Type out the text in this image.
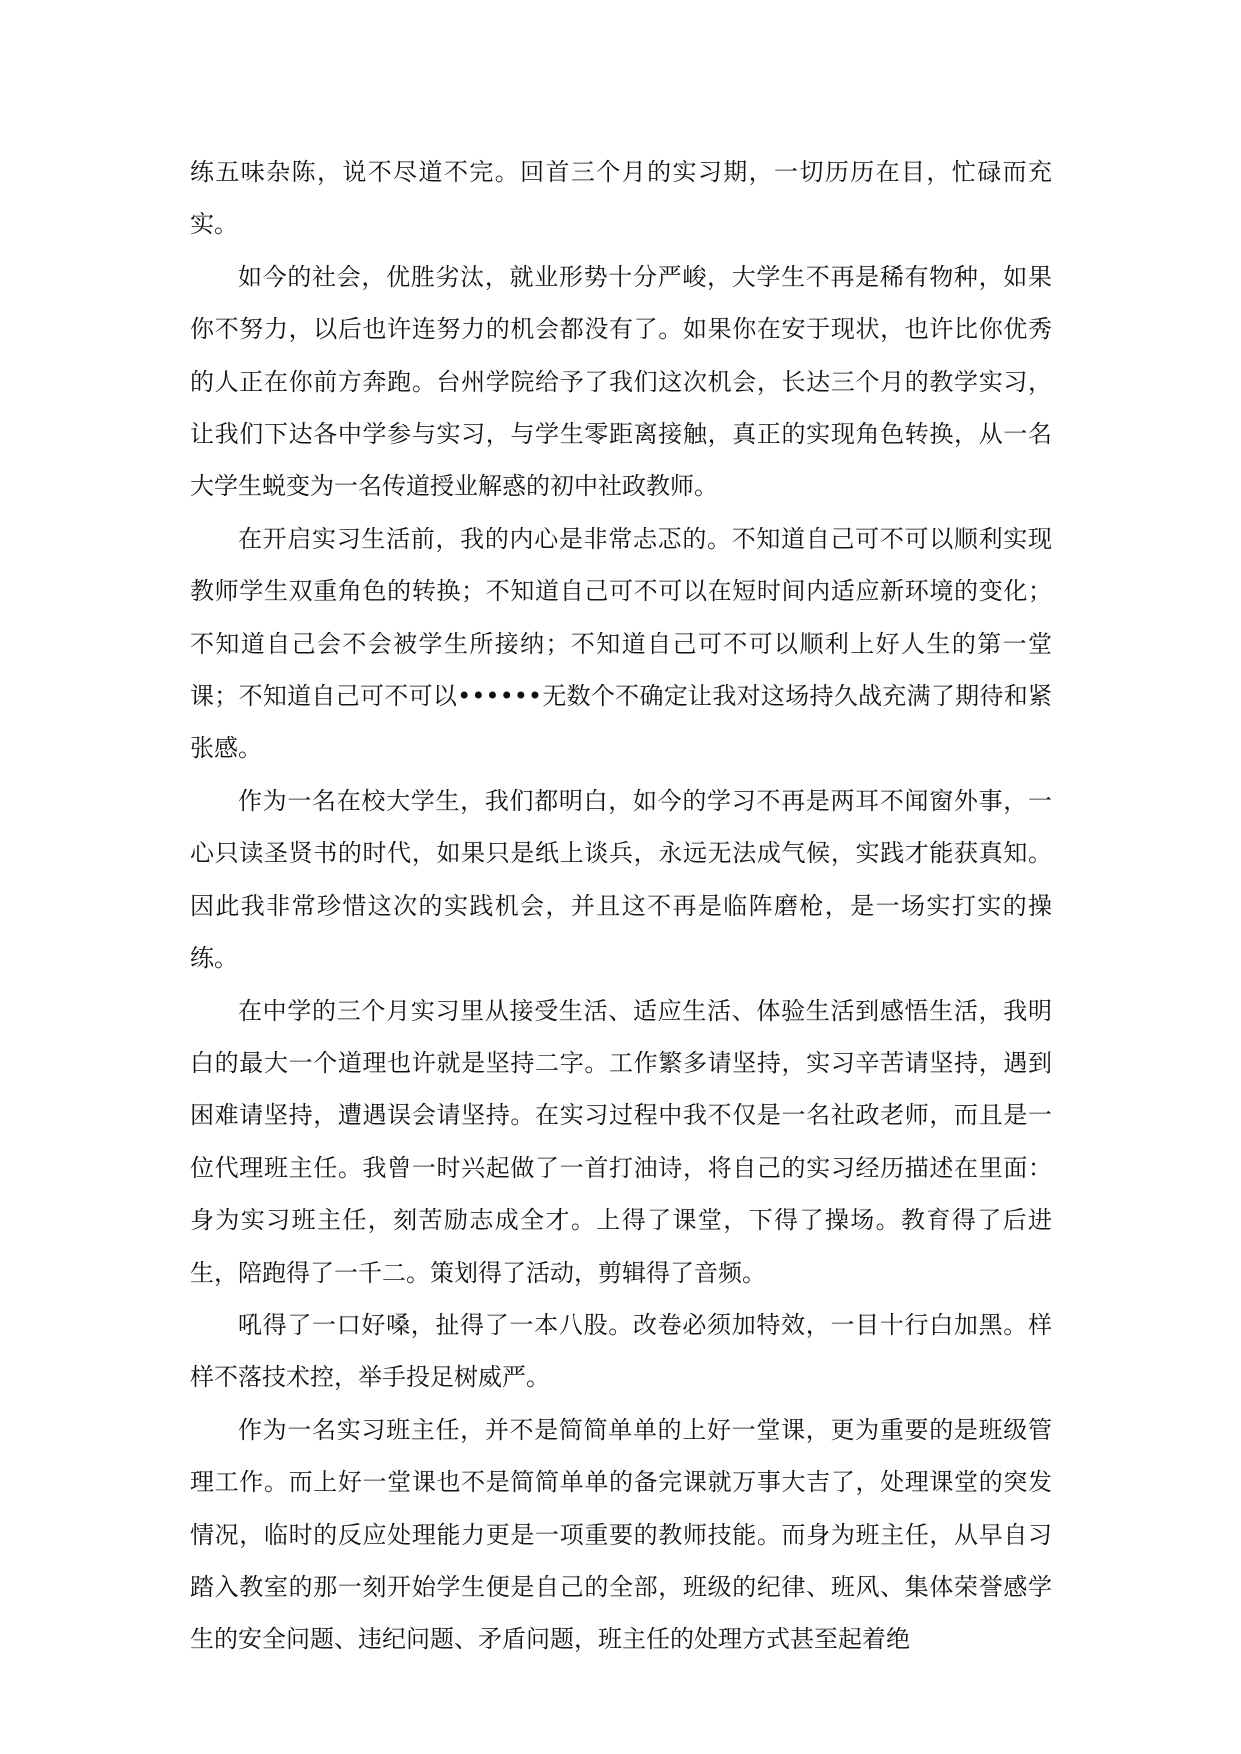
练五味杂陈，说不尽道不完。回首三个月的实习期，一切历历在目，忙碌而充实。

如今的社会，优胜劣汰，就业形势十分严峻，大学生不再是稀有物种，如果你不努力，以后也许连努力的机会都没有了。如果你在安于现状，也许比你优秀的人正在你前方奔跑。台州学院给予了我们这次机会，长达三个月的教学实习，让我们下达各中学参与实习，与学生零距离接触，真正的实现角色转换，从一名大学生蜕变为一名传道授业解惑的初中社政教师。

在开启实习生活前，我的内心是非常忐忑的。不知道自己可不可以顺利实现教师学生双重角色的转换；不知道自己可不可以在短时间内适应新环境的变化；不知道自己会不会被学生所接纳；不知道自己可不可以顺利上好人生的第一堂课；不知道自己可不可以••••••无数个不确定让我对这场持久战充满了期待和紧张感。

作为一名在校大学生，我们都明白，如今的学习不再是两耳不闻窗外事，一心只读圣贤书的时代，如果只是纸上谈兵，永远无法成气候，实践才能获真知。因此我非常珍惜这次的实践机会，并且这不再是临阵磨枪，是一场实打实的操练。

在中学的三个月实习里从接受生活、适应生活、体验生活到感悟生活，我明白的最大一个道理也许就是坚持二字。工作繁多请坚持，实习辛苦请坚持，遇到困难请坚持，遭遇误会请坚持。在实习过程中我不仅是一名社政老师，而且是一位代理班主任。我曾一时兴起做了一首打油诗，将自己的实习经历描述在里面：身为实习班主任，刻苦励志成全才。上得了课堂，下得了操场。教育得了后进生，陪跑得了一千二。策划得了活动，剪辑得了音频。

吼得了一口好嗓，扯得了一本八股。改卷必须加特效，一目十行白加黑。样样不落技术控，举手投足树威严。

作为一名实习班主任，并不是简简单单的上好一堂课，更为重要的是班级管理工作。而上好一堂课也不是简简单单的备完课就万事大吉了，处理课堂的突发情况，临时的反应处理能力更是一项重要的教师技能。而身为班主任，从早自习踏入教室的那一刻开始学生便是自己的全部，班级的纪律、班风、集体荣誉感学生的安全问题、违纪问题、矛盾问题，班主任的处理方式甚至起着绝
